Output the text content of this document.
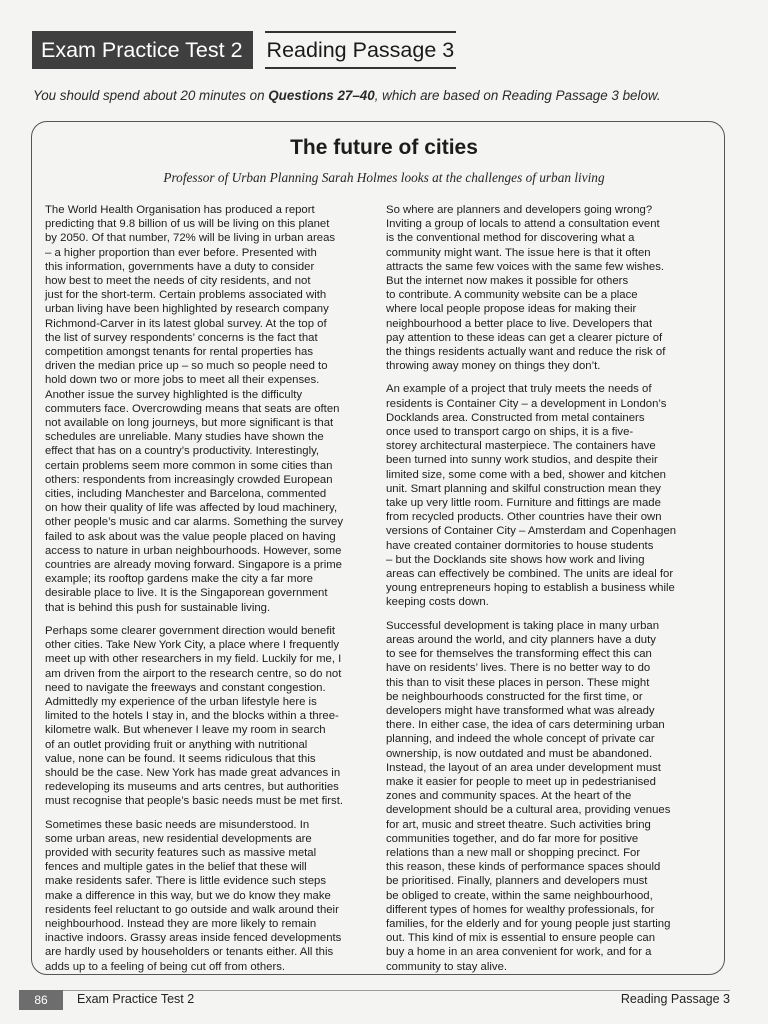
Exam Practice Test 2	Reading Passage 3
You should spend about 20 minutes on Questions 27–40, which are based on Reading Passage 3 below.
The future of cities
Professor of Urban Planning Sarah Holmes looks at the challenges of urban living
The World Health Organisation has produced a report
predicting that 9.8 billion of us will be living on this planet
by 2050. Of that number, 72% will be living in urban areas
– a higher proportion than ever before. Presented with
this information, governments have a duty to consider
how best to meet the needs of city residents, and not
just for the short-term. Certain problems associated with
urban living have been highlighted by research company
Richmond-Carver in its latest global survey. At the top of
the list of survey respondents’ concerns is the fact that
competition amongst tenants for rental properties has
driven the median price up – so much so people need to
hold down two or more jobs to meet all their expenses.
Another issue the survey highlighted is the difficulty
commuters face. Overcrowding means that seats are often
not available on long journeys, but more significant is that
schedules are unreliable. Many studies have shown the
effect that has on a country’s productivity. Interestingly,
certain problems seem more common in some cities than
others: respondents from increasingly crowded European
cities, including Manchester and Barcelona, commented
on how their quality of life was affected by loud machinery,
other people’s music and car alarms. Something the survey
failed to ask about was the value people placed on having
access to nature in urban neighbourhoods. However, some
countries are already moving forward. Singapore is a prime
example; its rooftop gardens make the city a far more
desirable place to live. It is the Singaporean government
that is behind this push for sustainable living.
Perhaps some clearer government direction would benefit
other cities. Take New York City, a place where I frequently
meet up with other researchers in my field. Luckily for me, I
am driven from the airport to the research centre, so do not
need to navigate the freeways and constant congestion.
Admittedly my experience of the urban lifestyle here is
limited to the hotels I stay in, and the blocks within a three-
kilometre walk. But whenever I leave my room in search
of an outlet providing fruit or anything with nutritional
value, none can be found. It seems ridiculous that this
should be the case. New York has made great advances in
redeveloping its museums and arts centres, but authorities
must recognise that people’s basic needs must be met first.
Sometimes these basic needs are misunderstood. In
some urban areas, new residential developments are
provided with security features such as massive metal
fences and multiple gates in the belief that these will
make residents safer. There is little evidence such steps
make a difference in this way, but we do know they make
residents feel reluctant to go outside and walk around their
neighbourhood. Instead they are more likely to remain
inactive indoors. Grassy areas inside fenced developments
are hardly used by householders or tenants either. All this
adds up to a feeling of being cut off from others.
So where are planners and developers going wrong?
Inviting a group of locals to attend a consultation event
is the conventional method for discovering what a
community might want. The issue here is that it often
attracts the same few voices with the same few wishes.
But the internet now makes it possible for others
to contribute. A community website can be a place
where local people propose ideas for making their
neighbourhood a better place to live. Developers that
pay attention to these ideas can get a clearer picture of
the things residents actually want and reduce the risk of
throwing away money on things they don’t.
An example of a project that truly meets the needs of
residents is Container City – a development in London’s
Docklands area. Constructed from metal containers
once used to transport cargo on ships, it is a five-
storey architectural masterpiece. The containers have
been turned into sunny work studios, and despite their
limited size, some come with a bed, shower and kitchen
unit. Smart planning and skilful construction mean they
take up very little room. Furniture and fittings are made
from recycled products. Other countries have their own
versions of Container City – Amsterdam and Copenhagen
have created container dormitories to house students
– but the Docklands site shows how work and living
areas can effectively be combined. The units are ideal for
young entrepreneurs hoping to establish a business while
keeping costs down.
Successful development is taking place in many urban
areas around the world, and city planners have a duty
to see for themselves the transforming effect this can
have on residents’ lives. There is no better way to do
this than to visit these places in person. These might
be neighbourhoods constructed for the first time, or
developers might have transformed what was already
there. In either case, the idea of cars determining urban
planning, and indeed the whole concept of private car
ownership, is now outdated and must be abandoned.
Instead, the layout of an area under development must
make it easier for people to meet up in pedestrianised
zones and community spaces. At the heart of the
development should be a cultural area, providing venues
for art, music and street theatre. Such activities bring
communities together, and do far more for positive
relations than a new mall or shopping precinct. For
this reason, these kinds of performance spaces should
be prioritised. Finally, planners and developers must
be obliged to create, within the same neighbourhood,
different types of homes for wealthy professionals, for
families, for the elderly and for young people just starting
out. This kind of mix is essential to ensure people can
buy a home in an area convenient for work, and for a
community to stay alive.
86	Exam Practice Test 2	Reading Passage 3
